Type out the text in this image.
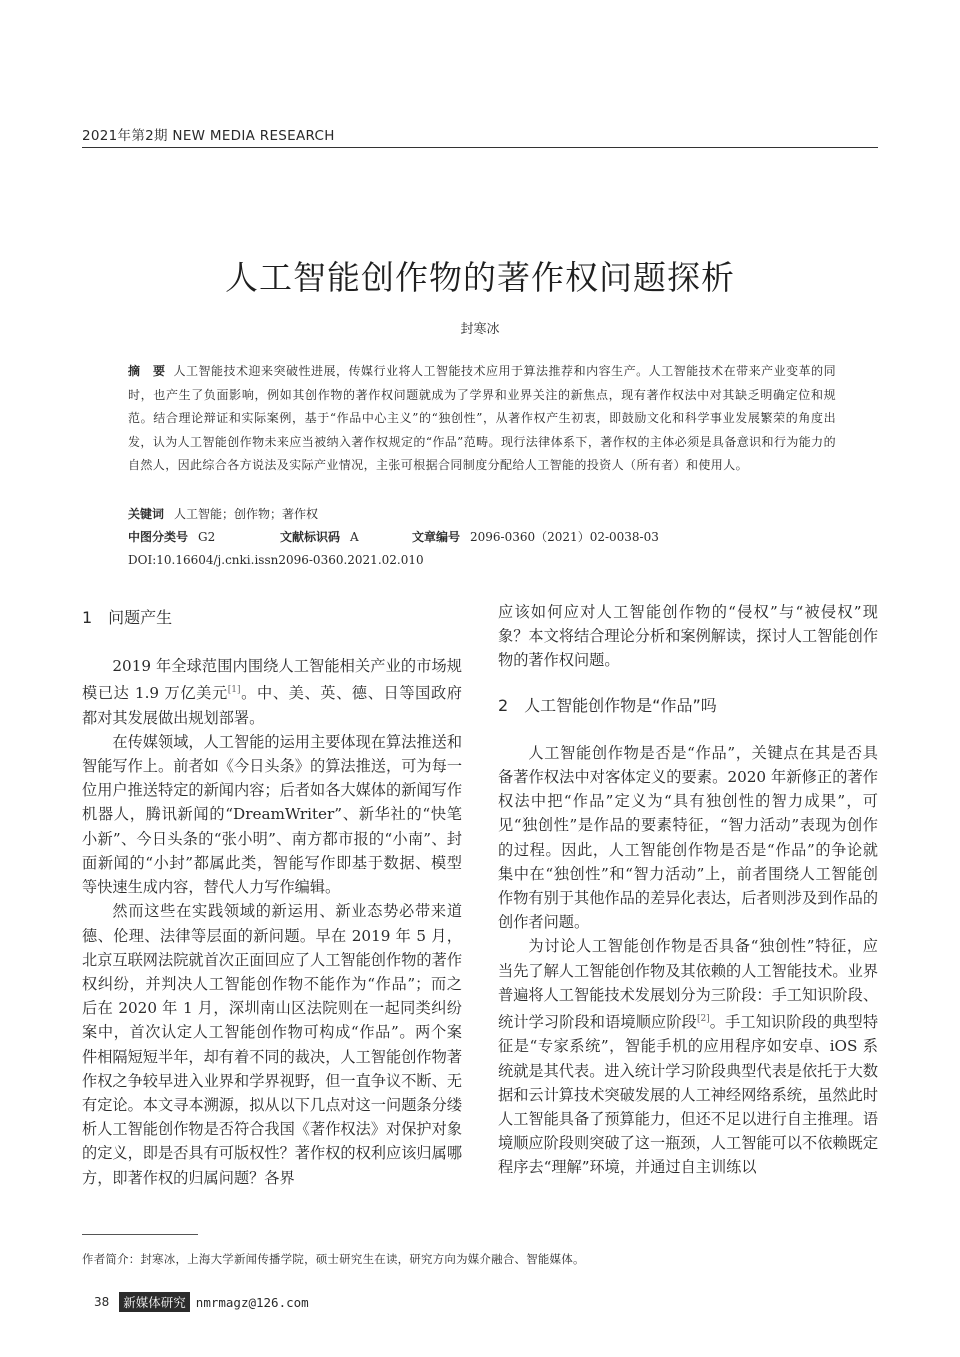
2021年第2期 NEW MEDIA RESEARCH
人工智能创作物的著作权问题探析
封寒冰
摘　要 人工智能技术迎来突破性进展，传媒行业将人工智能技术应用于算法推荐和内容生产。人工智能技术在带来产业变革的同时，也产生了负面影响，例如其创作物的著作权问题就成为了学界和业界关注的新焦点，现有著作权法中对其缺乏明确定位和规范。结合理论辩证和实际案例，基于“作品中心主义”的“独创性”，从著作权产生初衷，即鼓励文化和科学事业发展繁荣的角度出发，认为人工智能创作物未来应当被纳入著作权规定的“作品”范畴。现行法律体系下，著作权的主体必须是具备意识和行为能力的自然人，因此综合各方说法及实际产业情况，主张可根据合同制度分配给人工智能的投资人（所有者）和使用人。
关键词 人工智能；创作物；著作权
中图分类号 G2	文献标识码 A	文章编号 2096-0360（2021）02-0038-03
DOI:10.16604/j.cnki.issn2096-0360.2021.02.010
1　问题产生

2019 年全球范围内围绕人工智能相关产业的市场规模已达 1.9 万亿美元[1]。中、美、英、德、日等国政府都对其发展做出规划部署。

在传媒领域，人工智能的运用主要体现在算法推送和智能写作上。前者如《今日头条》的算法推送，可为每一位用户推送特定的新闻内容；后者如各大媒体的新闻写作机器人，腾讯新闻的“DreamWriter”、新华社的“快笔小新”、今日头条的“张小明”、南方都市报的“小南”、封面新闻的“小封”都属此类，智能写作即基于数据、模型等快速生成内容，替代人力写作编辑。

然而这些在实践领域的新运用、新业态势必带来道德、伦理、法律等层面的新问题。早在 2019 年 5 月，北京互联网法院就首次正面回应了人工智能创作物的著作权纠纷，并判决人工智能创作物不能作为“作品”；而之后在 2020 年 1 月，深圳南山区法院则在一起同类纠纷案中，首次认定人工智能创作物可构成“作品”。两个案件相隔短短半年，却有着不同的裁决，人工智能创作物著作权之争较早进入业界和学界视野，但一直争议不断、无有定论。本文寻本溯源，拟从以下几点对这一问题条分缕析人工智能创作物是否符合我国《著作权法》对保护对象的定义，即是否具有可版权性？著作权的权利应该归属哪方，即著作权的归属问题？各界

应该如何应对人工智能创作物的“侵权”与“被侵权”现象？本文将结合理论分析和案例解读，探讨人工智能创作物的著作权问题。

2　人工智能创作物是“作品”吗

人工智能创作物是否是“作品”，关键点在其是否具备著作权法中对客体定义的要素。2020 年新修正的著作权法中把“作品”定义为“具有独创性的智力成果”，可见“独创性”是作品的要素特征，“智力活动”表现为创作的过程。因此，人工智能创作物是否是“作品”的争论就集中在“独创性”和“智力活动”上，前者围绕人工智能创作物有别于其他作品的差异化表达，后者则涉及到作品的创作者问题。

为讨论人工智能创作物是否具备“独创性”特征，应当先了解人工智能创作物及其依赖的人工智能技术。业界普遍将人工智能技术发展划分为三阶段：手工知识阶段、统计学习阶段和语境顺应阶段[2]。手工知识阶段的典型特征是“专家系统”，智能手机的应用程序如安卓、iOS 系统就是其代表。进入统计学习阶段典型代表是依托于大数据和云计算技术突破发展的人工神经网络系统，虽然此时人工智能具备了预算能力，但还不足以进行自主推理。语境顺应阶段则突破了这一瓶颈，人工智能可以不依赖既定程序去“理解”环境，并通过自主训练以

作者简介：封寒冰，上海大学新闻传播学院，硕士研究生在读，研究方向为媒介融合、智能媒体。
38	新媒体研究 nmrmagz@126.com
